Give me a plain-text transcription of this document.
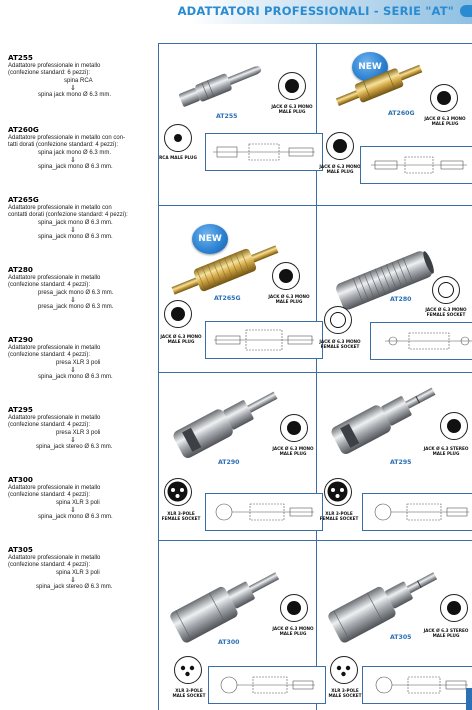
ADATTATORI PROFESSIONALI - SERIE "AT"
AT255
Adattatore professionale in metallo
(confezione standard: 6 pezzi):
spina RCA
⇓
spina jack mono Ø 6.3 mm.
AT260G
Adattatore professionale in metallo con con-
tatti dorati (confezione standard: 4 pezzi):
spina jack mono Ø 6.3 mm.
⇓
spina_jack mono Ø 6.3 mm.
AT265G
Adattatore professionale in metallo con
contatti dorati (confezione standard: 4 pezzi):
spina_jack mono Ø 6.3 mm.
⇓
spina_jack mono Ø 6.3 mm.
AT280
Adattatore professionale in metallo
(confezione standard: 4 pezzi):
presa_jack mono Ø 6.3 mm.
⇓
presa_jack mono Ø 6.3 mm.
AT290
Adattatore professionale in metallo
(confezione standard: 4 pezzi):
presa XLR 3 poli
⇓
spina_jack mono Ø 6.3 mm.
AT295
Adattatore professionale in metallo
(confezione standard: 4 pezzi):
presa XLR 3 poli
⇓
spina_jack stereo Ø 6.3 mm.
AT300
Adattatore professionale in metallo
(confezione standard: 4 pezzi):
spina XLR 3 poli
⇓
spina_jack mono Ø 6.3 mm.
AT305
Adattatore professionale in metallo
(confezione standard: 4 pezzi):
spina XLR 3 poli
⇓
spina_jack stereo Ø 6.3 mm.
AT255
JACK Ø 6.3 MONO
MALE PLUG
RCA MALE PLUG
NEW
AT260G
JACK Ø 6.3 MONO
MALE PLUG
JACK Ø 6.3 MONO
MALE PLUG
NEW
AT265G	JACK Ø 6.3 MONO
MALE PLUG
JACK Ø 6.3 MONO
MALE PLUG
AT280
JACK Ø 6.3 MONO
FEMALE SOCKET
JACK Ø 6.3 MONO
FEMALE SOCKET
AT290
JACK Ø 6.3 MONO
MALE PLUG
XLR 3-POLE
FEMALE SOCKET
AT295
JACK Ø 6.3 STEREO
MALE PLUG
XLR 3-POLE
FEMALE SOCKET
AT300
JACK Ø 6.3 MONO
MALE PLUG
XLR 3-POLE
MALE SOCKET
AT305
JACK Ø 6.3 STEREO
MALE PLUG
XLR 3-POLE
MALE SOCKET
